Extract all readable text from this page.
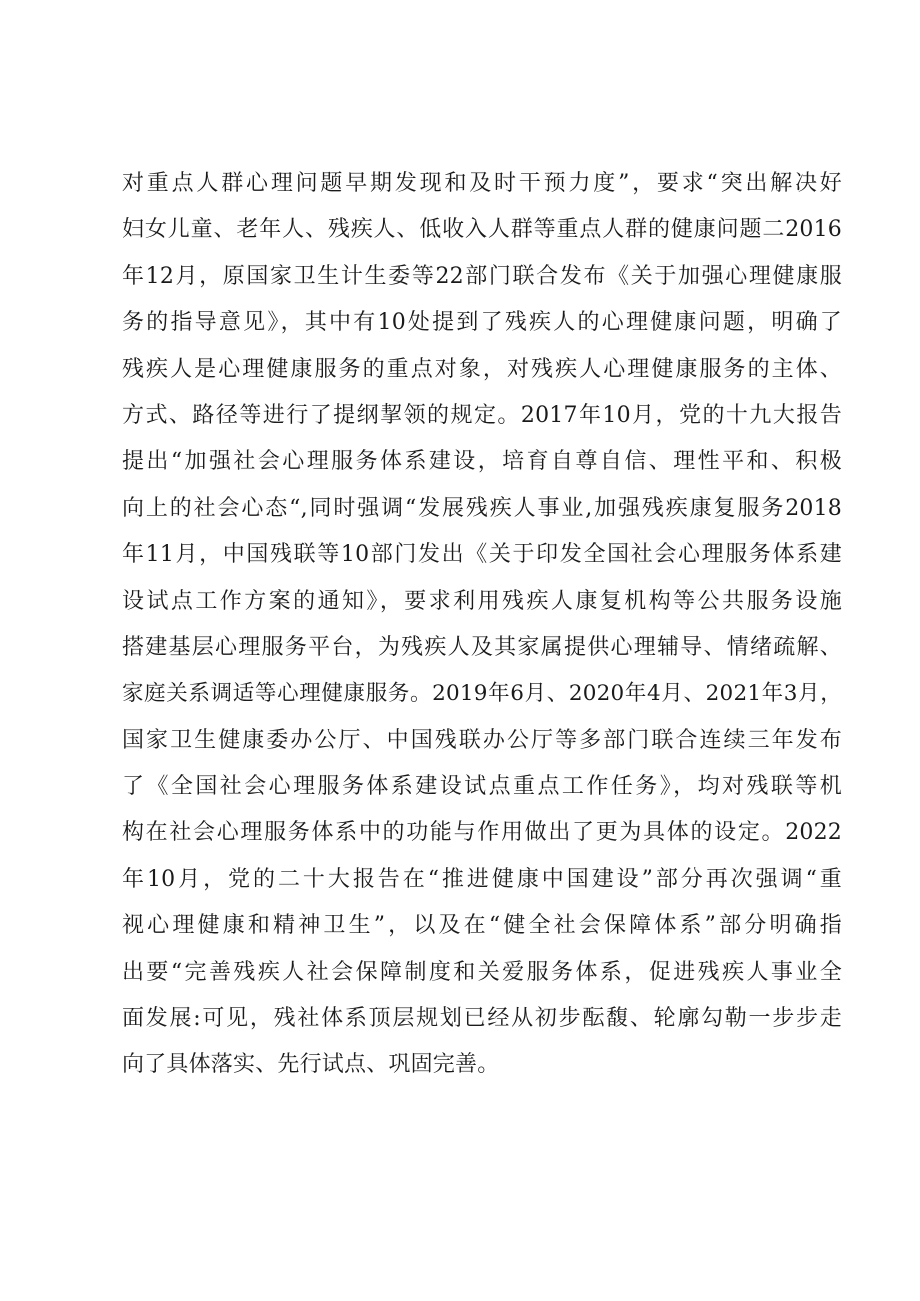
对重点人群心理问题早期发现和及时干预力度”，要求“突出解决好
妇女儿童、老年人、残疾人、低收入人群等重点人群的健康问题二2016
年12月，原国家卫生计生委等22部门联合发布《关于加强心理健康服
务的指导意见》，其中有10处提到了残疾人的心理健康问题，明确了
残疾人是心理健康服务的重点对象，对残疾人心理健康服务的主体、
方式、路径等进行了提纲挈领的规定。2017年10月，党的十九大报告
提出“加强社会心理服务体系建设，培育自尊自信、理性平和、积极
向上的社会心态“,同时强调“发展残疾人事业,加强残疾康复服务2018
年11月，中国残联等10部门发出《关于印发全国社会心理服务体系建
设试点工作方案的通知》，要求利用残疾人康复机构等公共服务设施
搭建基层心理服务平台，为残疾人及其家属提供心理辅导、情绪疏解、
家庭关系调适等心理健康服务。2019年6月、2020年4月、2021年3月，
国家卫生健康委办公厅、中国残联办公厅等多部门联合连续三年发布
了《全国社会心理服务体系建设试点重点工作任务》，均对残联等机
构在社会心理服务体系中的功能与作用做出了更为具体的设定。2022
年10月，党的二十大报告在“推进健康中国建设”部分再次强调“重
视心理健康和精神卫生”，以及在“健全社会保障体系”部分明确指
出要“完善残疾人社会保障制度和关爱服务体系，促进残疾人事业全
面发展:可见，残社体系顶层规划已经从初步酝馥、轮廓勾勒一步步走
向了具体落实、先行试点、巩固完善。
